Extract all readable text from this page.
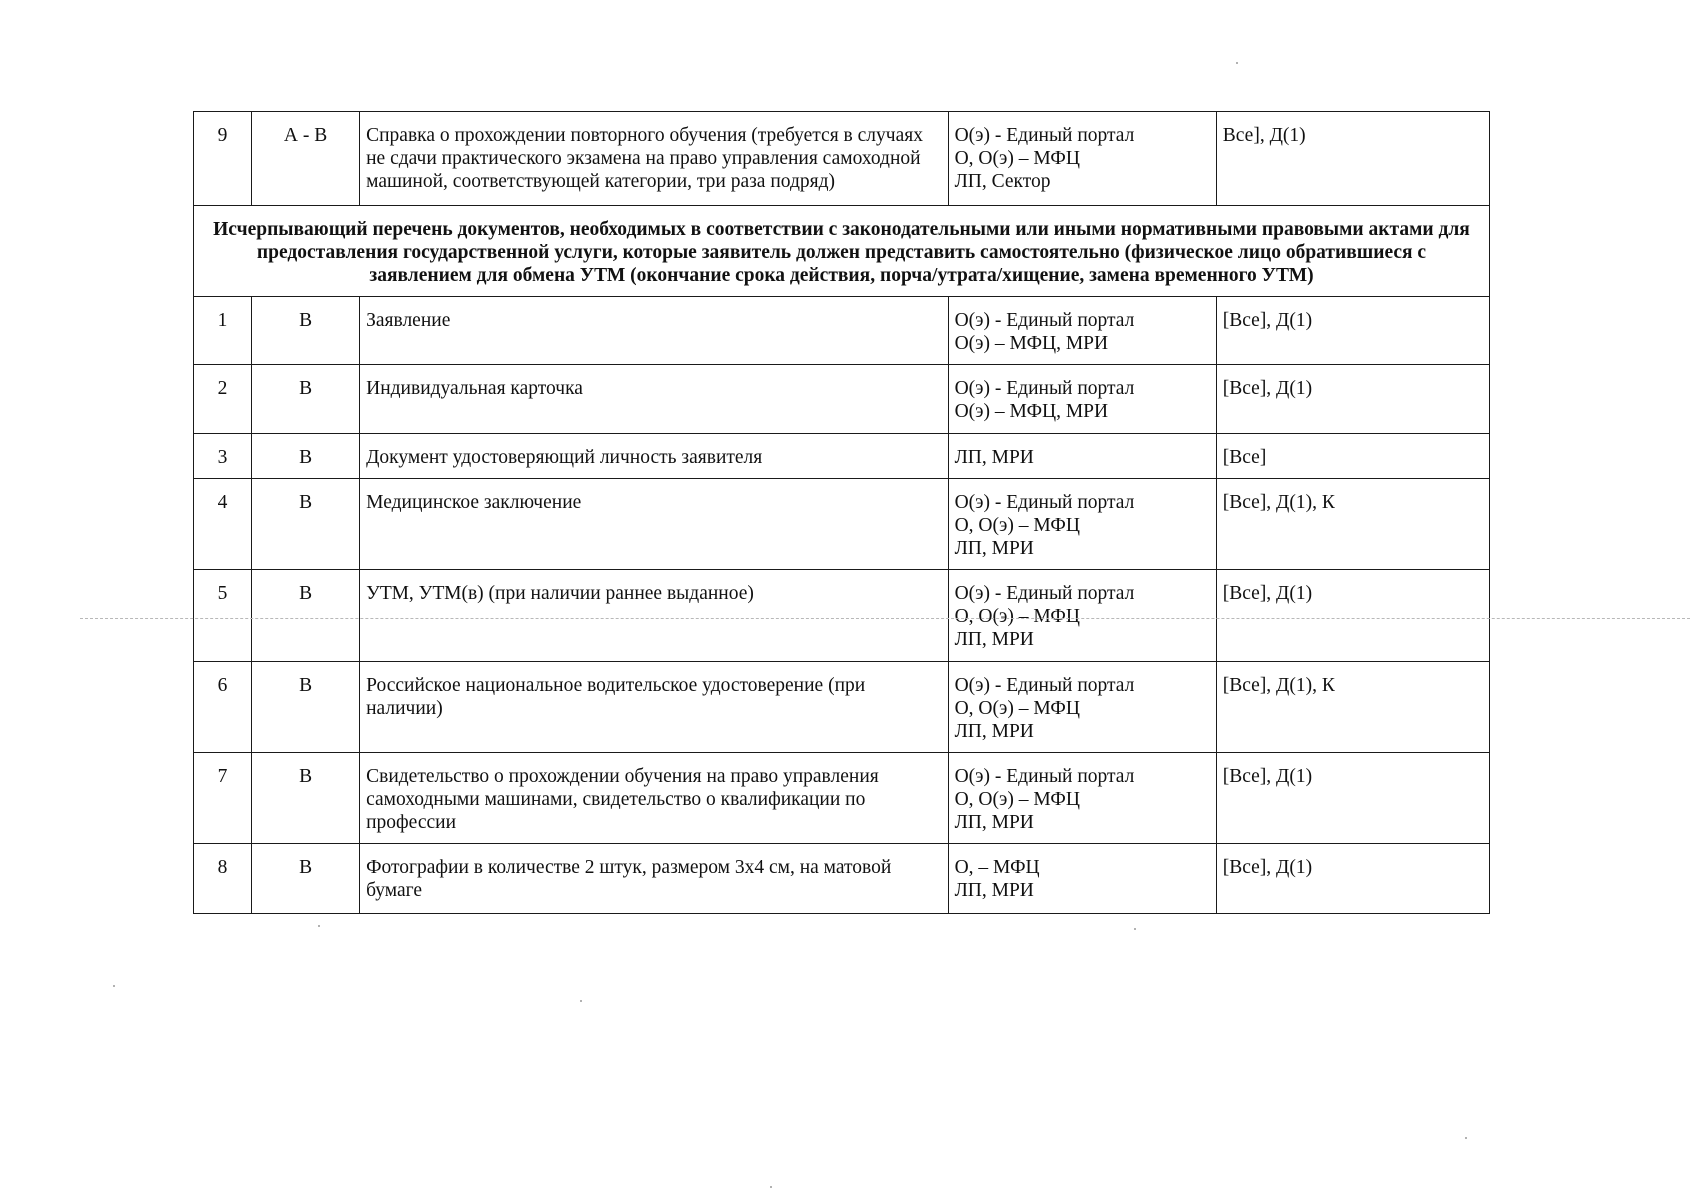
9	А - В	Справка о прохождении повторного обучения (требуется в случаях не сдачи практического экзамена на право управления самоходной машиной, соответствующей категории, три раза подряд)	О(э) - Единый портал
О, О(э) – МФЦ
ЛП, Сектор	Все], Д(1)
Исчерпывающий перечень документов, необходимых в соответствии с законодательными или иными нормативными правовыми актами для предоставления государственной услуги, которые заявитель должен представить самостоятельно (физическое лицо обратившиеся с заявлением для обмена УТМ (окончание срока действия, порча/утрата/хищение, замена временного УТМ)				
1	В	Заявление	О(э) - Единый портал
О(э) – МФЦ, МРИ	[Все], Д(1)
2	В	Индивидуальная карточка	О(э) - Единый портал
О(э) – МФЦ, МРИ	[Все], Д(1)
3	В	Документ удостоверяющий личность заявителя	ЛП, МРИ	[Все]
4	В	Медицинское заключение	О(э) - Единый портал
О, О(э) – МФЦ
ЛП, МРИ	[Все], Д(1), К
5	В	УТМ, УТМ(в) (при наличии раннее выданное)	О(э) - Единый портал
О, О(э) – МФЦ
ЛП, МРИ	[Все], Д(1)
6	В	Российское национальное водительское удостоверение (при наличии)	О(э) - Единый портал
О, О(э) – МФЦ
ЛП, МРИ	[Все], Д(1), К
7	В	Свидетельство о прохождении обучения на право управления самоходными машинами, свидетельство о квалификации по профессии	О(э) - Единый портал
О, О(э) – МФЦ
ЛП, МРИ	[Все], Д(1)
8	В	Фотографии в количестве 2 штук, размером 3х4 см, на матовой бумаге	О, – МФЦ
ЛП, МРИ	[Все], Д(1)
